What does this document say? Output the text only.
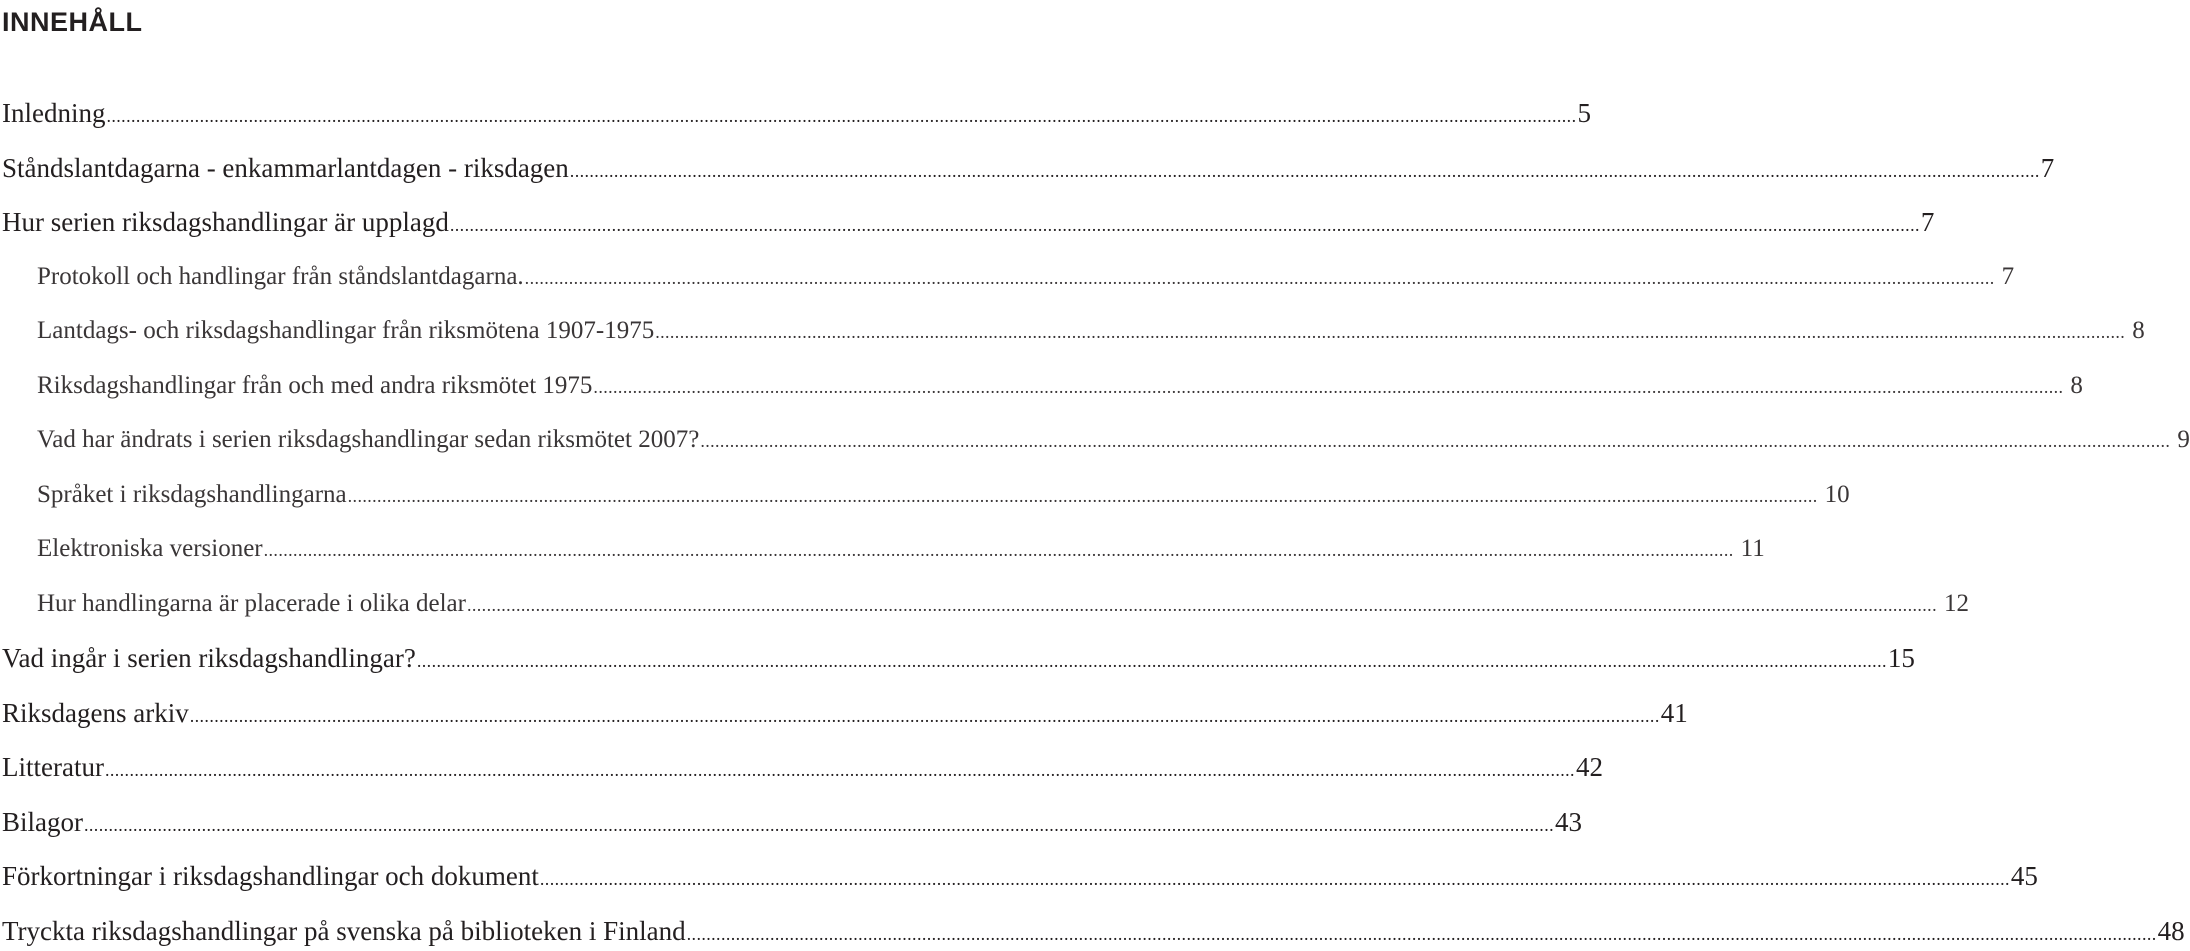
INNEHÅLL
Inledning ............................................................................................................................................................................................................................................................................................................ 5
Ståndslantdagarna - enkammarlantdagen - riksdagen ............................................................................................................................................................................................................................................................................................................ 7
Hur serien riksdagshandlingar är upplagd ............................................................................................................................................................................................................................................................................................................ 7
Protokoll och handlingar från ståndslantdagarna. ............................................................................................................................................................................................................................................................................................................ 7
Lantdags- och riksdagshandlingar från riksmötena 1907-1975 ............................................................................................................................................................................................................................................................................................................ 8
Riksdagshandlingar från och med andra riksmötet 1975 ............................................................................................................................................................................................................................................................................................................ 8
Vad har ändrats i serien riksdagshandlingar sedan riksmötet 2007? ............................................................................................................................................................................................................................................................................................................ 9
Språket i riksdagshandlingarna ............................................................................................................................................................................................................................................................................................................ 10
Elektroniska versioner ............................................................................................................................................................................................................................................................................................................ 11
Hur handlingarna är placerade i olika delar ............................................................................................................................................................................................................................................................................................................ 12
Vad ingår i serien riksdagshandlingar? ............................................................................................................................................................................................................................................................................................................ 15
Riksdagens arkiv ............................................................................................................................................................................................................................................................................................................ 41
Litteratur ............................................................................................................................................................................................................................................................................................................ 42
Bilagor ............................................................................................................................................................................................................................................................................................................ 43
Förkortningar i riksdagshandlingar och dokument ............................................................................................................................................................................................................................................................................................................ 45
Tryckta riksdagshandlingar på svenska på biblioteken i Finland ............................................................................................................................................................................................................................................................................................................ 48
